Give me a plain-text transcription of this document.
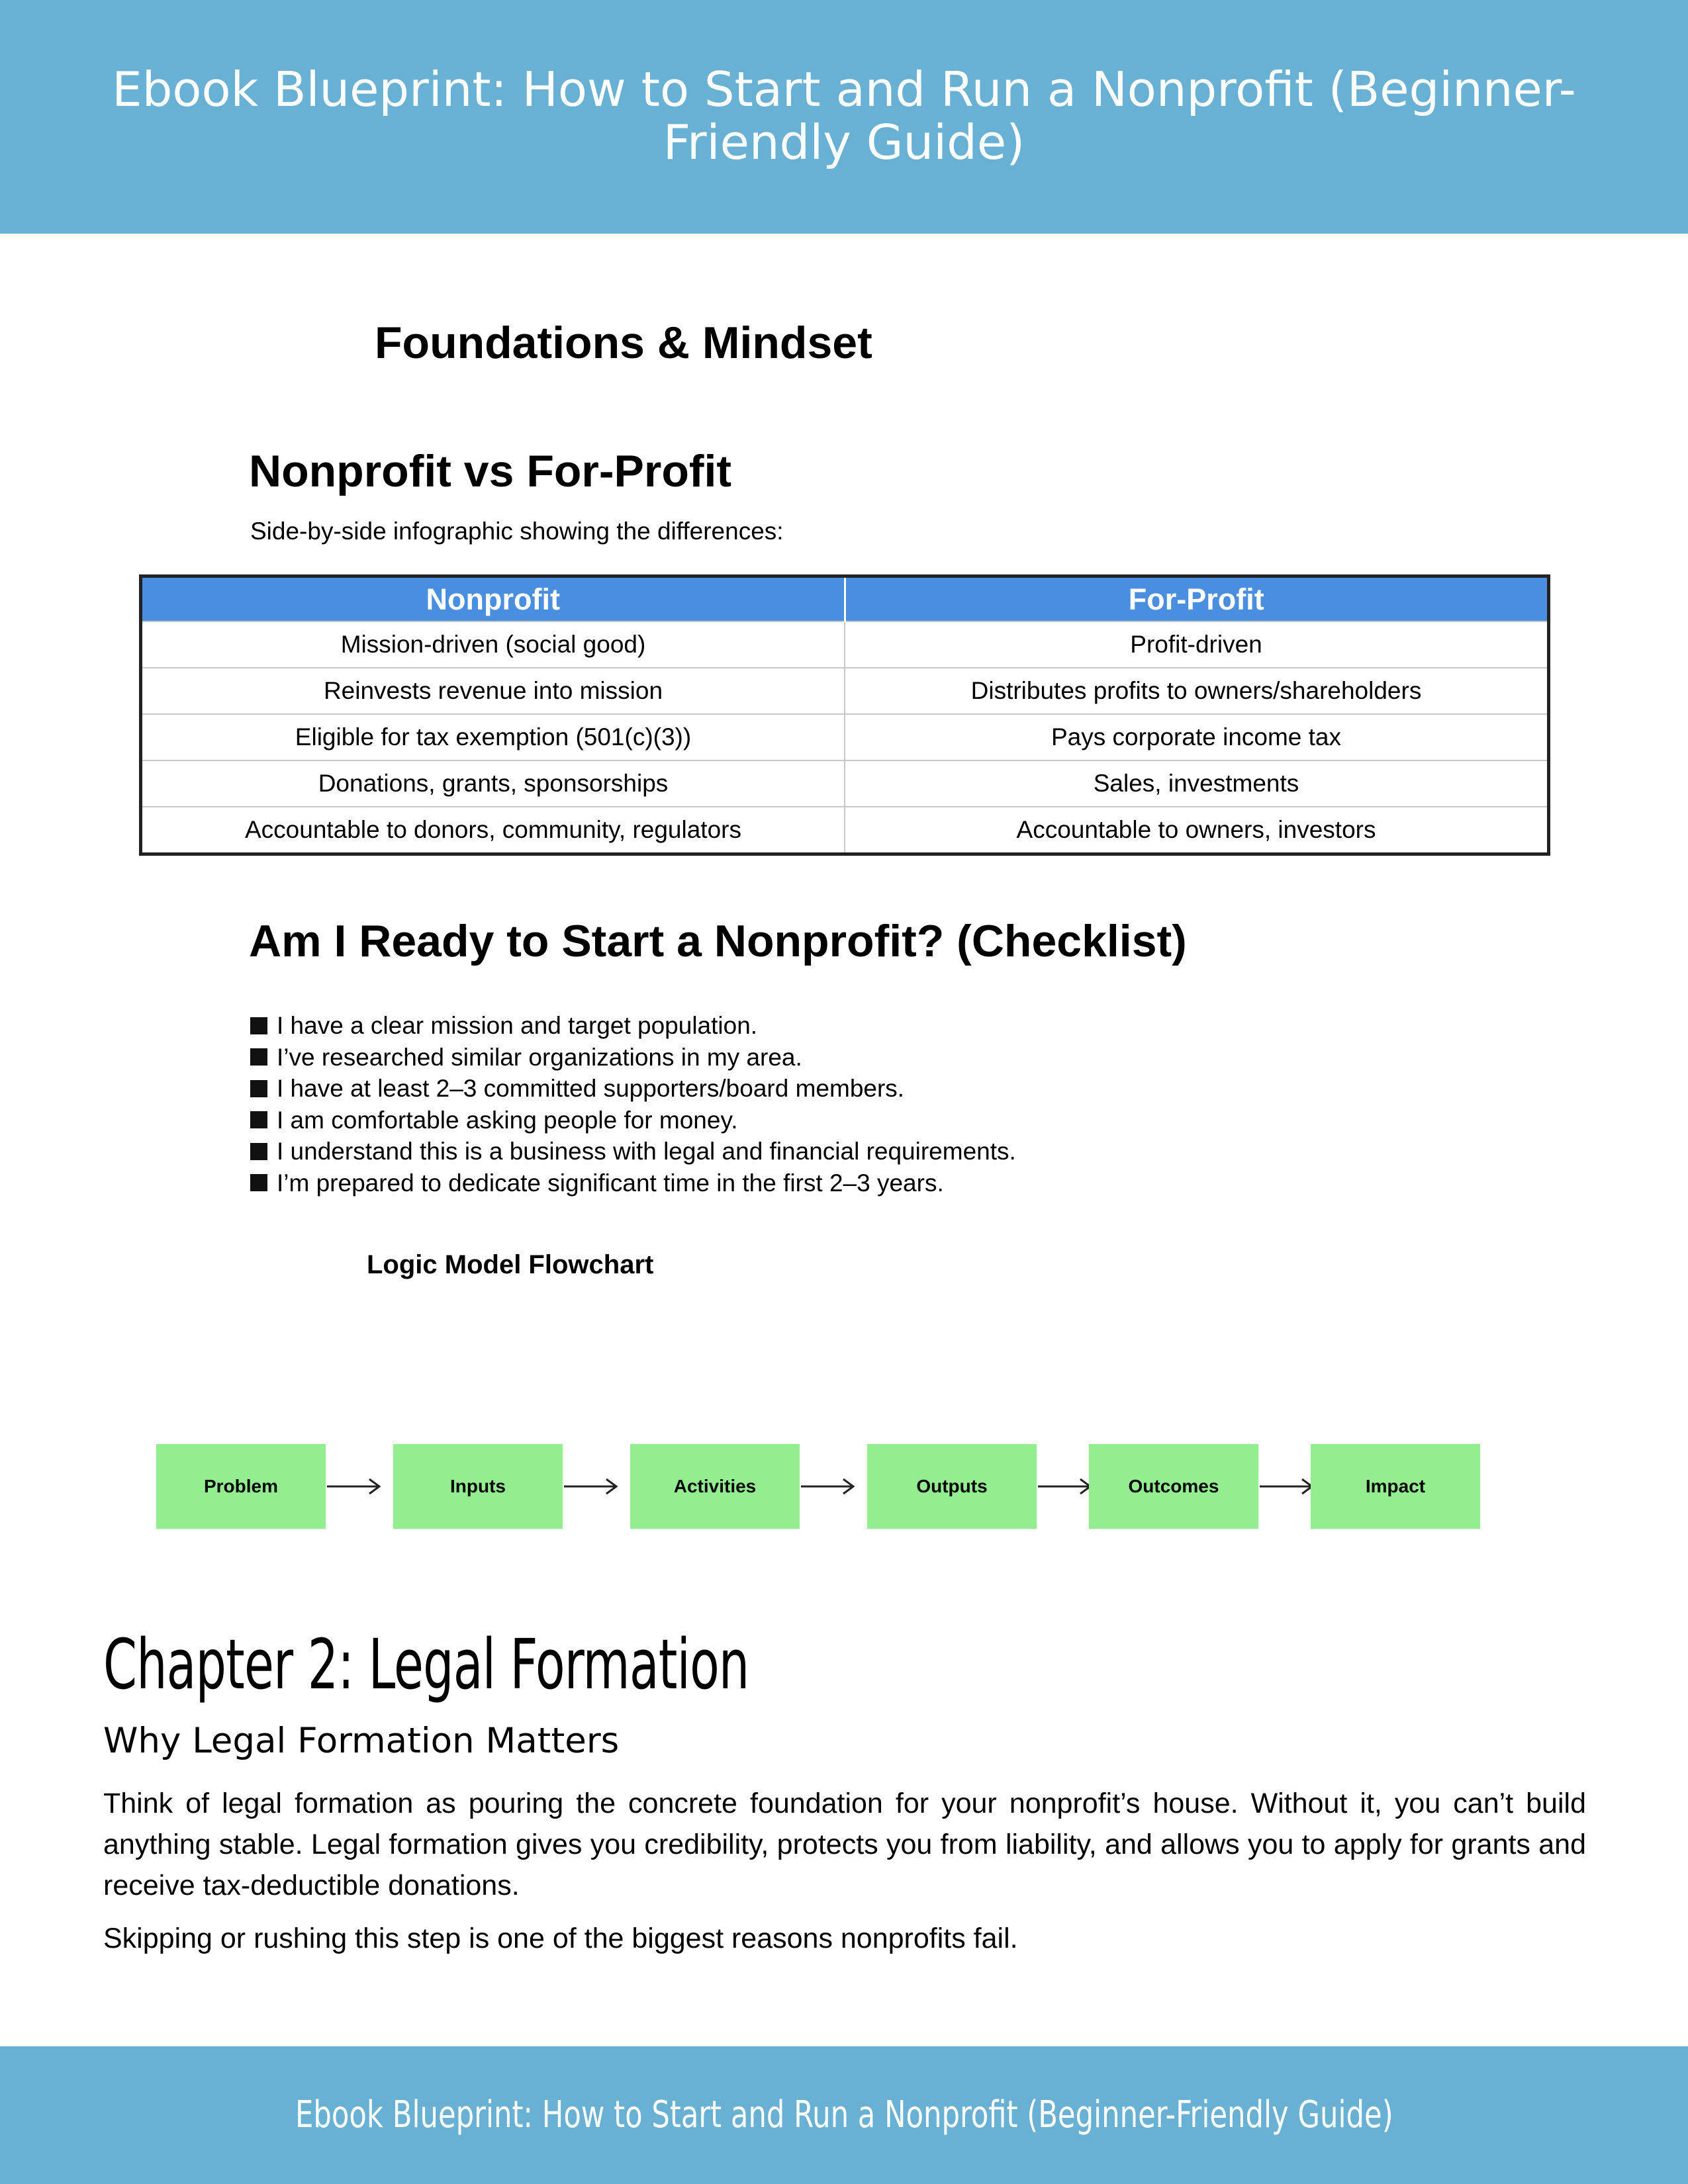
Ebook Blueprint: How to Start and Run a Nonprofit (Beginner-Friendly Guide)
Foundations & Mindset
Nonprofit vs For-Profit
Side-by-side infographic showing the differences:
Nonprofit	For-Profit
Mission-driven (social good)	Profit-driven
Reinvests revenue into mission	Distributes profits to owners/shareholders
Eligible for tax exemption (501(c)(3))	Pays corporate income tax
Donations, grants, sponsorships	Sales, investments
Accountable to donors, community, regulators	Accountable to owners, investors
Am I Ready to Start a Nonprofit? (Checklist)
I have a clear mission and target population.
I’ve researched similar organizations in my area.
I have at least 2–3 committed supporters/board members.
I am comfortable asking people for money.
I understand this is a business with legal and financial requirements.
I’m prepared to dedicate significant time in the first 2–3 years.
Logic Model Flowchart
Problem	Inputs	Activities	Outputs	Outcomes	Impact
Chapter 2: Legal Formation
Why Legal Formation Matters

Think of legal formation as pouring the concrete foundation for your nonprofit’s house. Without it, you can’t build anything stable. Legal formation gives you credibility, protects you from liability, and allows you to apply for grants and receive tax-deductible donations.

Skipping or rushing this step is one of the biggest reasons nonprofits fail.

Ebook Blueprint: How to Start and Run a Nonprofit (Beginner-Friendly Guide)
